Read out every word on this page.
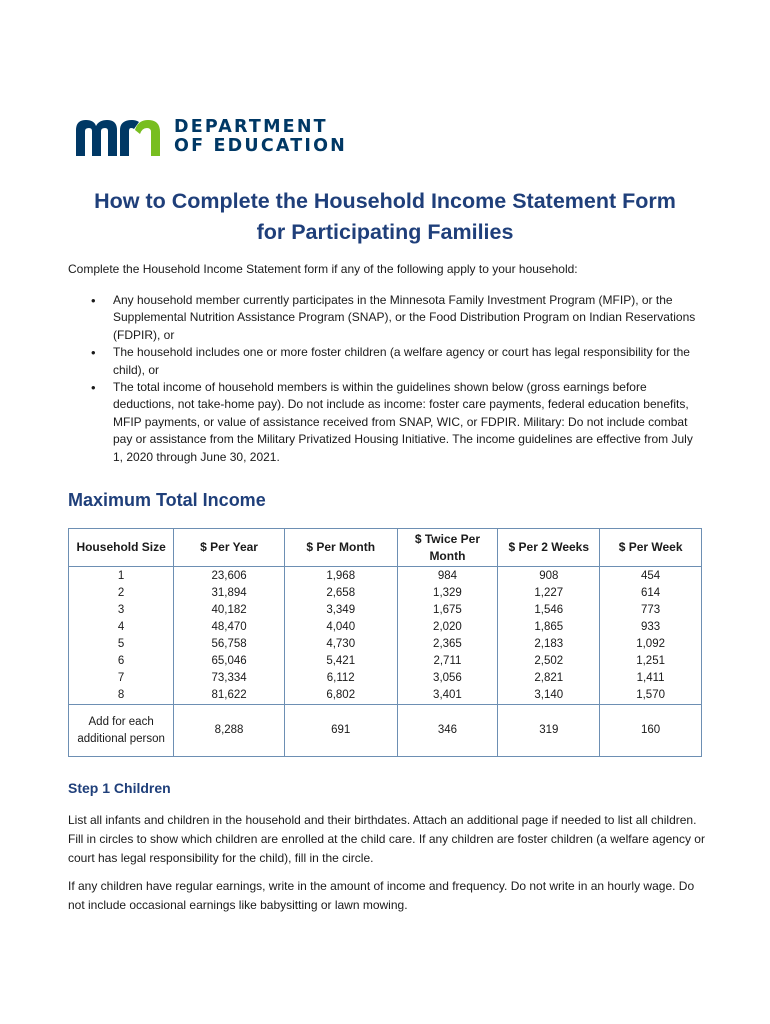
DEPARTMENT
OF EDUCATION
How to Complete the Household Income Statement Form
for Participating Families
Complete the Household Income Statement form if any of the following apply to your household:
• Any household member currently participates in the Minnesota Family Investment Program (MFIP), or the Supplemental Nutrition Assistance Program (SNAP), or the Food Distribution Program on Indian Reservations (FDPIR), or
• The household includes one or more foster children (a welfare agency or court has legal responsibility for the child), or
• The total income of household members is within the guidelines shown below (gross earnings before deductions, not take-home pay). Do not include as income: foster care payments, federal education benefits, MFIP payments, or value of assistance received from SNAP, WIC, or FDPIR. Military: Do not include combat pay or assistance from the Military Privatized Housing Initiative. The income guidelines are effective from July 1, 2020 through June 30, 2021.
Maximum Total Income
Household Size	$ Per Year	$ Per Month	$ Twice Per Month	$ Per 2 Weeks	$ Per Week
1	23,606	1,968	984	908	454
2	31,894	2,658	1,329	1,227	614
3	40,182	3,349	1,675	1,546	773
4	48,470	4,040	2,020	1,865	933
5	56,758	4,730	2,365	2,183	1,092
6	65,046	5,421	2,711	2,502	1,251
7	73,334	6,112	3,056	2,821	1,411
8	81,622	6,802	3,401	3,140	1,570
Add for each additional person	8,288	691	346	319	160
Step 1 Children

List all infants and children in the household and their birthdates. Attach an additional page if needed to list all children. Fill in circles to show which children are enrolled at the child care. If any children are foster children (a welfare agency or court has legal responsibility for the child), fill in the circle.

If any children have regular earnings, write in the amount of income and frequency. Do not write in an hourly wage. Do not include occasional earnings like babysitting or lawn mowing.
